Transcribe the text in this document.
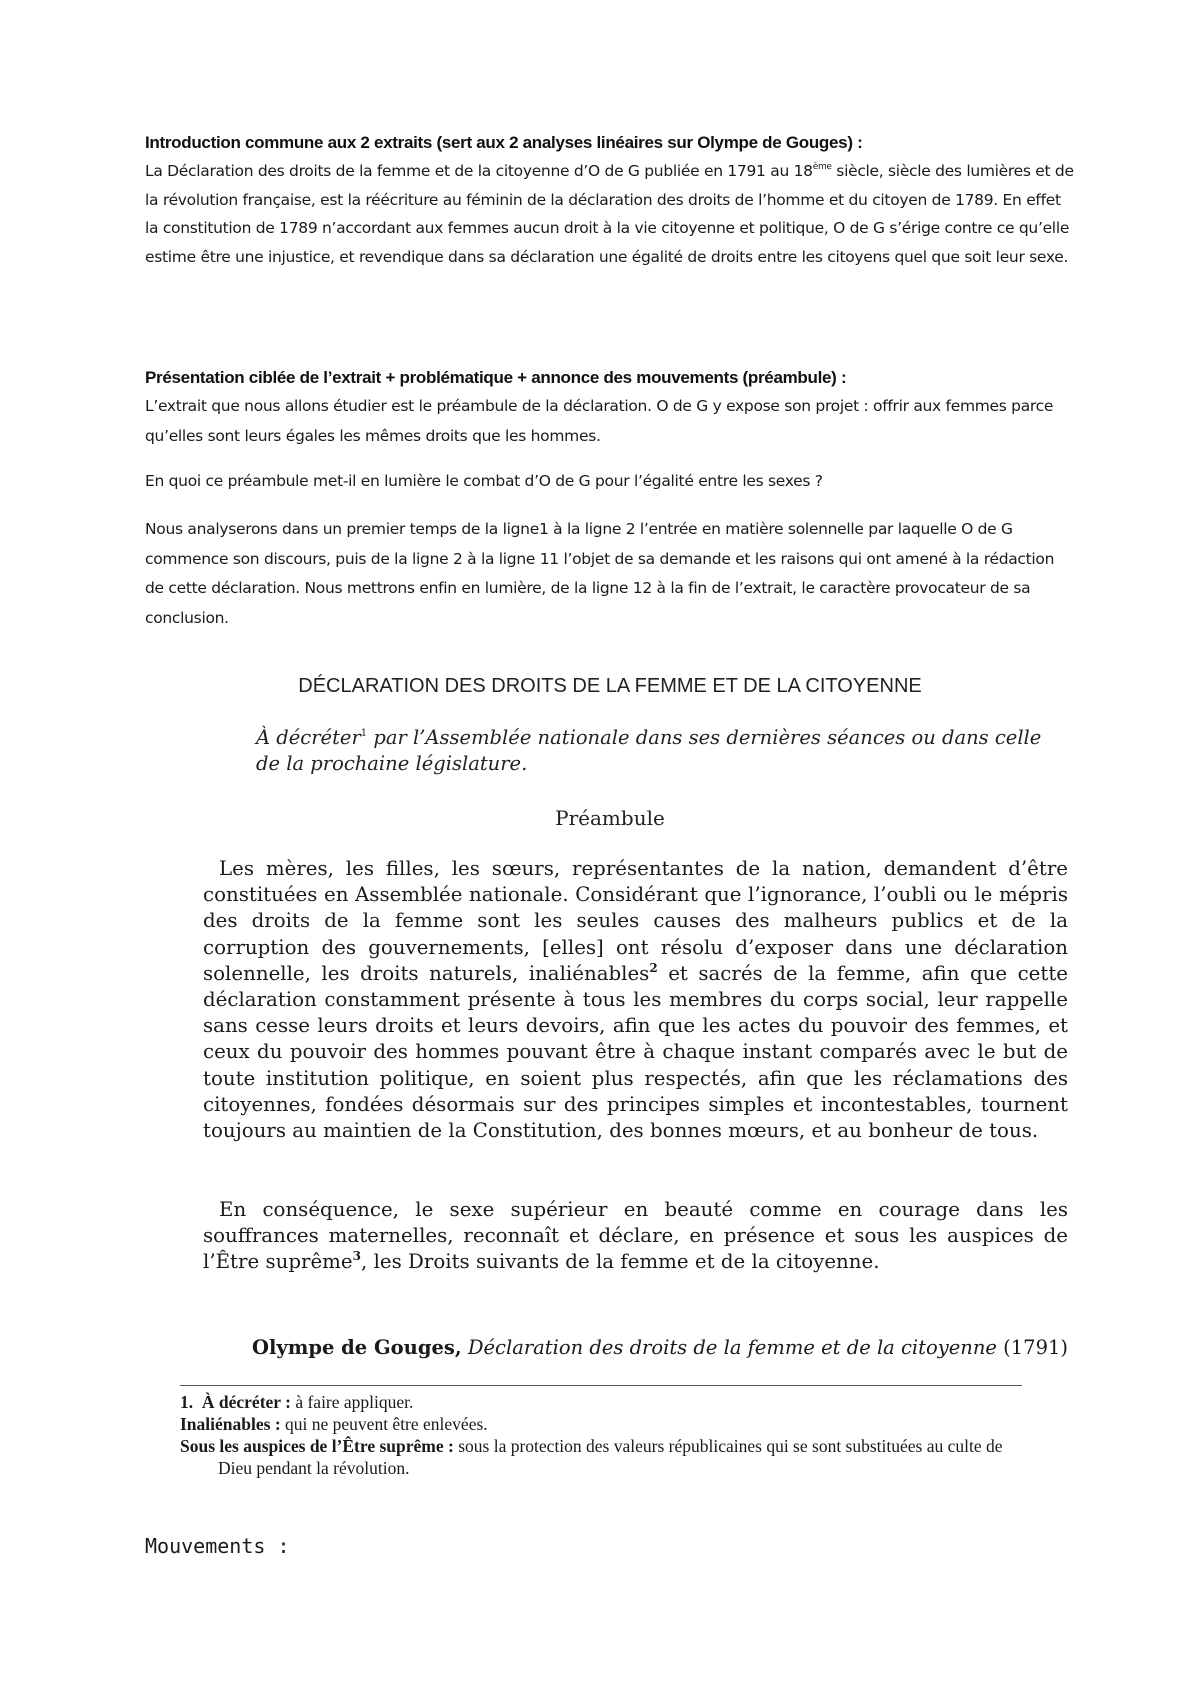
Introduction commune aux 2 extraits (sert aux 2 analyses linéaires sur Olympe de Gouges) :
La Déclaration des droits de la femme et de la citoyenne d’O de G publiée en 1791 au 18ème siècle, siècle des lumières et de la révolution française, est la réécriture au féminin de la déclaration des droits de l’homme et du citoyen de 1789. En effet la constitution de 1789 n’accordant aux femmes aucun droit à la vie citoyenne et politique, O de G s’érige contre ce qu’elle estime être une injustice, et revendique dans sa déclaration une égalité de droits entre les citoyens quel que soit leur sexe.
Présentation ciblée de l’extrait + problématique + annonce des mouvements (préambule) :
L’extrait que nous allons étudier est le préambule de la déclaration. O de G y expose son projet : offrir aux femmes parce qu’elles sont leurs égales les mêmes droits que les hommes.
En quoi ce préambule met-il en lumière le combat d’O de G pour l’égalité entre les sexes ?
Nous analyserons dans un premier temps de la ligne1 à la ligne 2 l’entrée en matière solennelle par laquelle O de G commence son discours, puis de la ligne 2 à la ligne 11 l’objet de sa demande et les raisons qui ont amené à la rédaction de cette déclaration. Nous mettrons enfin en lumière, de la ligne 12 à la fin de l’extrait, le caractère provocateur de sa conclusion.
DÉCLARATION DES DROITS DE LA FEMME ET DE LA CITOYENNE
À décréter$^1$ par l’Assemblée nationale dans ses dernières séances ou dans celle de la prochaine législature.
Préambule
Les mères, les filles, les sœurs, représentantes de la nation, demandent d’être constituées en Assemblée nationale. Considérant que l’ignorance, l’oubli ou le mépris des droits de la femme sont les seules causes des malheurs publics et de la corruption des gouvernements, [elles] ont résolu d’exposer dans une déclaration solennelle, les droits naturels, inaliénables$^2$ et sacrés de la femme, afin que cette déclaration constamment présente à tous les membres du corps social, leur rappelle sans cesse leurs droits et leurs devoirs, afin que les actes du pouvoir des femmes, et ceux du pouvoir des hommes pouvant être à chaque instant comparés avec le but de toute institution politique, en soient plus respectés, afin que les réclamations des citoyennes, fondées désormais sur des principes simples et incontestables, tournent toujours au maintien de la Constitution, des bonnes mœurs, et au bonheur de tous.
En conséquence, le sexe supérieur en beauté comme en courage dans les souffrances maternelles, reconnaît et déclare, en présence et sous les auspices de l’Être suprême$^3$, les Droits suivants de la femme et de la citoyenne.
Olympe de Gouges, Déclaration des droits de la femme et de la citoyenne (1791)
1. À décréter : à faire appliquer.
Inaliénables : qui ne peuvent être enlevées.
Sous les auspices de l’Être suprême : sous la protection des valeurs républicaines qui se sont substituées au culte de Dieu pendant la révolution.
Mouvements :
